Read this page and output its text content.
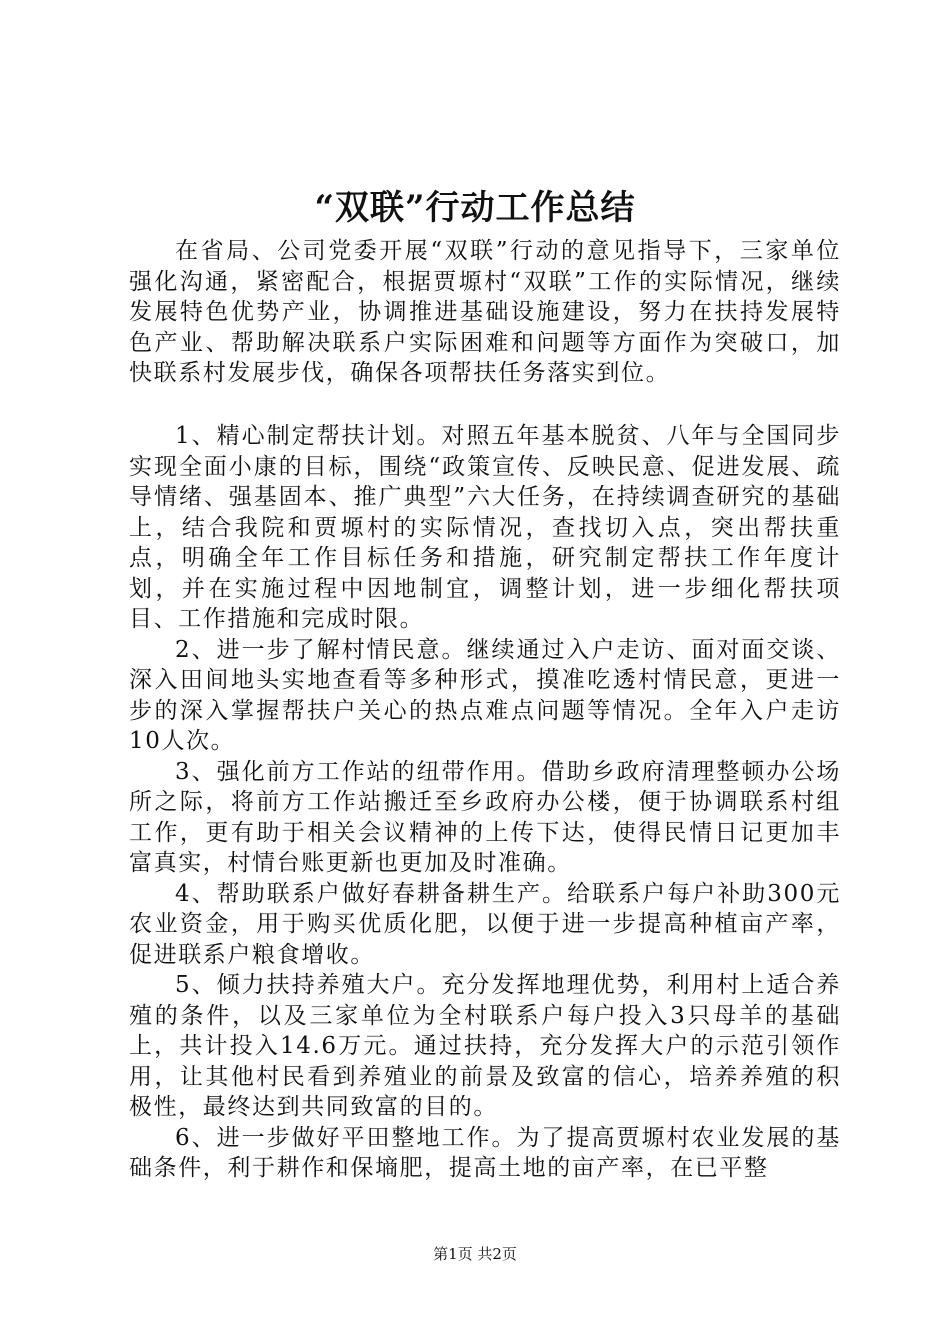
“双联”行动工作总结

在省局、公司党委开展“双联”行动的意见指导下，三家单位强化沟通，紧密配合，根据贾塬村“双联”工作的实际情况，继续发展特色优势产业，协调推进基础设施建设，努力在扶持发展特色产业、帮助解决联系户实际困难和问题等方面作为突破口，加快联系村发展步伐，确保各项帮扶任务落实到位。

1、精心制定帮扶计划。对照五年基本脱贫、八年与全国同步实现全面小康的目标，围绕“政策宣传、反映民意、促进发展、疏导情绪、强基固本、推广典型”六大任务，在持续调查研究的基础上，结合我院和贾塬村的实际情况，查找切入点，突出帮扶重点，明确全年工作目标任务和措施，研究制定帮扶工作年度计划，并在实施过程中因地制宜，调整计划，进一步细化帮扶项目、工作措施和完成时限。

2、进一步了解村情民意。继续通过入户走访、面对面交谈、深入田间地头实地查看等多种形式，摸准吃透村情民意，更进一步的深入掌握帮扶户关心的热点难点问题等情况。全年入户走访10人次。

3、强化前方工作站的纽带作用。借助乡政府清理整顿办公场所之际，将前方工作站搬迁至乡政府办公楼，便于协调联系村组工作，更有助于相关会议精神的上传下达，使得民情日记更加丰富真实，村情台账更新也更加及时准确。

4、帮助联系户做好春耕备耕生产。给联系户每户补助300元农业资金，用于购买优质化肥，以便于进一步提高种植亩产率，促进联系户粮食增收。

5、倾力扶持养殖大户。充分发挥地理优势，利用村上适合养殖的条件，以及三家单位为全村联系户每户投入3只母羊的基础上，共计投入14.6万元。通过扶持，充分发挥大户的示范引领作用，让其他村民看到养殖业的前景及致富的信心，培养养殖的积极性，最终达到共同致富的目的。

6、进一步做好平田整地工作。为了提高贾塬村农业发展的基础条件，利于耕作和保墒肥，提高土地的亩产率，在已平整

第1页 共2页
